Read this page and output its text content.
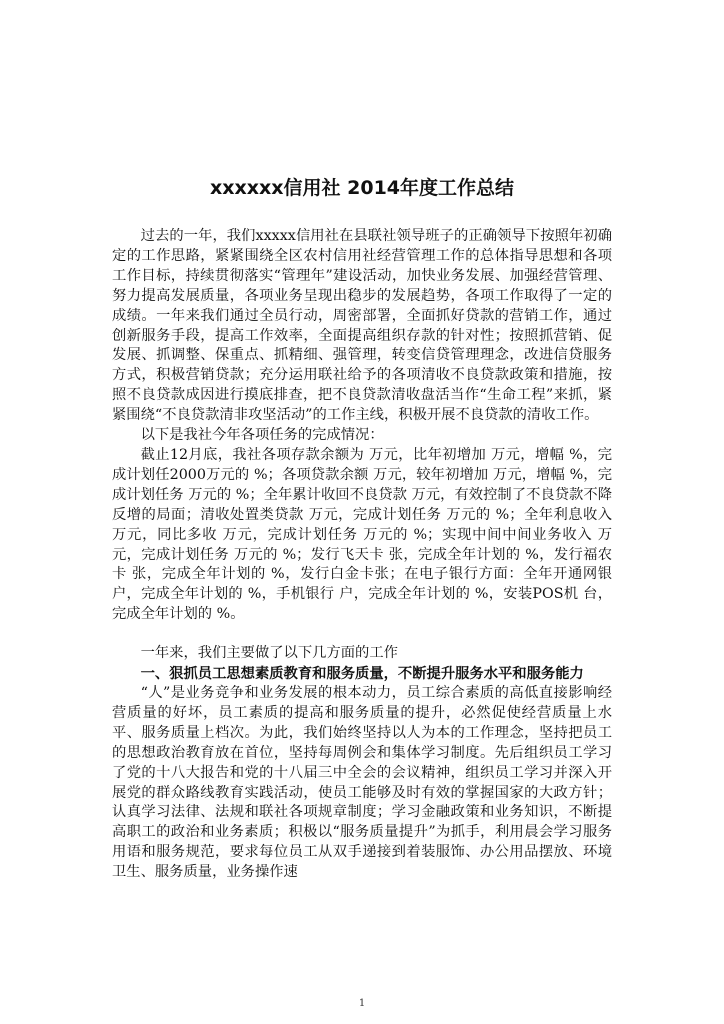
xxxxxx信用社 2014年度工作总结

过去的一年，我们xxxxx信用社在县联社领导班子的正确领导下按照年初确定的工作思路，紧紧围绕全区农村信用社经营管理工作的总体指导思想和各项工作目标，持续贯彻落实“管理年”建设活动，加快业务发展、加强经营管理、努力提高发展质量，各项业务呈现出稳步的发展趋势，各项工作取得了一定的成绩。一年来我们通过全员行动，周密部署，全面抓好贷款的营销工作，通过创新服务手段，提高工作效率，全面提高组织存款的针对性；按照抓营销、促发展、抓调整、保重点、抓精细、强管理，转变信贷管理理念，改进信贷服务方式，积极营销贷款；充分运用联社给予的各项清收不良贷款政策和措施，按照不良贷款成因进行摸底排查，把不良贷款清收盘活当作“生命工程”来抓，紧紧围绕“不良贷款清非攻坚活动”的工作主线，积极开展不良贷款的清收工作。

以下是我社今年各项任务的完成情况：

截止12月底，我社各项存款余额为 万元，比年初增加 万元，增幅 %，完成计划任2000万元的 %；各项贷款余额 万元，较年初增加 万元，增幅 %，完成计划任务 万元的 %；全年累计收回不良贷款 万元，有效控制了不良贷款不降反增的局面；清收处置类贷款 万元，完成计划任务 万元的 %；全年利息收入 万元，同比多收 万元，完成计划任务 万元的 %；实现中间中间业务收入 万元，完成计划任务 万元的 %；发行飞天卡 张，完成全年计划的 %，发行福农卡 张，完成全年计划的 %，发行白金卡张；在电子银行方面：全年开通网银 户，完成全年计划的 %，手机银行 户，完成全年计划的 %，安装POS机 台，完成全年计划的 %。

一年来，我们主要做了以下几方面的工作

一、狠抓员工思想素质教育和服务质量，不断提升服务水平和服务能力

“人”是业务竞争和业务发展的根本动力，员工综合素质的高低直接影响经营质量的好坏，员工素质的提高和服务质量的提升，必然促使经营质量上水平、服务质量上档次。为此，我们始终坚持以人为本的工作理念，坚持把员工的思想政治教育放在首位，坚持每周例会和集体学习制度。先后组织员工学习了党的十八大报告和党的十八届三中全会的会议精神，组织员工学习并深入开展党的群众路线教育实践活动，使员工能够及时有效的掌握国家的大政方针；认真学习法律、法规和联社各项规章制度；学习金融政策和业务知识，不断提高职工的政治和业务素质；积极以“服务质量提升”为抓手，利用晨会学习服务用语和服务规范，要求每位员工从双手递接到着装服饰、办公用品摆放、环境卫生、服务质量，业务操作速

1
